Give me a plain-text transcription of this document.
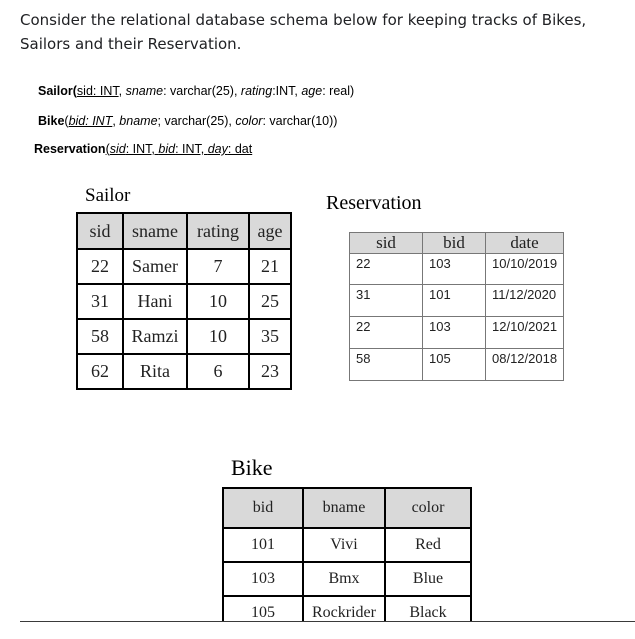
Consider the relational database schema below for keeping tracks of Bikes, Sailors and their Reservation.
Sailor(sid: INT, sname: varchar(25), rating:INT, age: real)
Bike(bid: INT, bname; varchar(25), color: varchar(10))
Reservation(sid: INT, bid: INT, day: dat
Sailor
sid	sname	rating	age
22	Samer	7	21
31	Hani	10	25
58	Ramzi	10	35
62	Rita	6	23
Reservation
sid	bid	date
22	103	10/10/2019
31	101	11/12/2020
22	103	12/10/2021
58	105	08/12/2018
Bike
bid	bname	color
101	Vivi	Red
103	Bmx	Blue
105	Rockrider	Black
